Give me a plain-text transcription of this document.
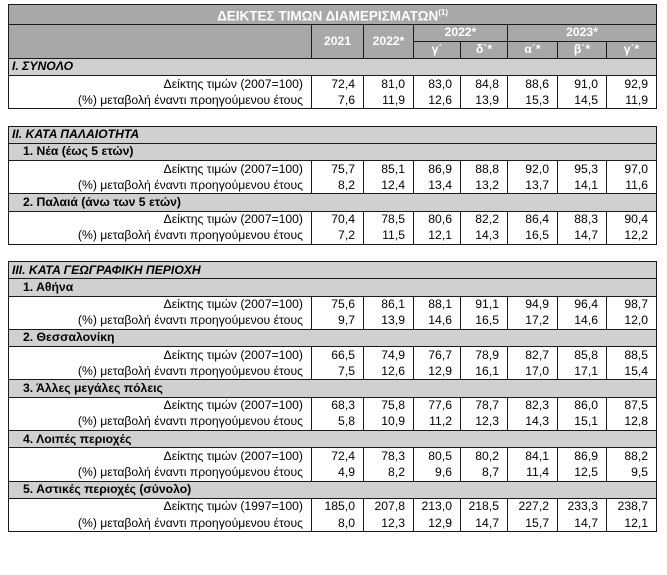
ΔΕΙΚΤΕΣ ΤΙΜΩΝ ΔΙΑΜΕΡΙΣΜΑΤΩΝ$^{(1)}$
	2021	2022*	2022*		2023*		
			γ΄	δ΄*	α΄*	β΄*	γ΄*
I. ΣΥΝΟΛΟ							
Δείκτης τιμών (2007=100)	72,4	81,0	83,0	84,8	88,6	91,0	92,9
(%) μεταβολή έναντι προηγούμενου έτους	7,6	11,9	12,6	13,9	15,3	14,5	11,9

II. ΚΑΤΑ ΠΑΛΑΙΟΤΗΤΑ							
1. Νέα (έως 5 ετών)							
Δείκτης τιμών (2007=100)	75,7	85,1	86,9	88,8	92,0	95,3	97,0
(%) μεταβολή έναντι προηγούμενου έτους	8,2	12,4	13,4	13,2	13,7	14,1	11,6
2. Παλαιά (άνω των 5 ετών)							
Δείκτης τιμών (2007=100)	70,4	78,5	80,6	82,2	86,4	88,3	90,4
(%) μεταβολή έναντι προηγούμενου έτους	7,2	11,5	12,1	14,3	16,5	14,7	12,2

III. ΚΑΤΑ ΓΕΩΓΡΑΦΙΚΗ ΠΕΡΙΟΧΗ							
1. Αθήνα							
Δείκτης τιμών (2007=100)	75,6	86,1	88,1	91,1	94,9	96,4	98,7
(%) μεταβολή έναντι προηγούμενου έτους	9,7	13,9	14,6	16,5	17,2	14,6	12,0
2. Θεσσαλονίκη							
Δείκτης τιμών (2007=100)	66,5	74,9	76,7	78,9	82,7	85,8	88,5
(%) μεταβολή έναντι προηγούμενου έτους	7,5	12,6	12,9	16,1	17,0	17,1	15,4
3. Άλλες μεγάλες πόλεις							
Δείκτης τιμών (2007=100)	68,3	75,8	77,6	78,7	82,3	86,0	87,5
(%) μεταβολή έναντι προηγούμενου έτους	5,8	10,9	11,2	12,3	14,3	15,1	12,8
4. Λοιπές περιοχές							
Δείκτης τιμών (2007=100)	72,4	78,3	80,5	80,2	84,1	86,9	88,2
(%) μεταβολή έναντι προηγούμενου έτους	4,9	8,2	9,6	8,7	11,4	12,5	9,5
5. Αστικές περιοχές (σύνολο)							
Δείκτης τιμών (1997=100)	185,0	207,8	213,0	218,5	227,2	233,3	238,7
(%) μεταβολή έναντι προηγούμενου έτους	8,0	12,3	12,9	14,7	15,7	14,7	12,1
